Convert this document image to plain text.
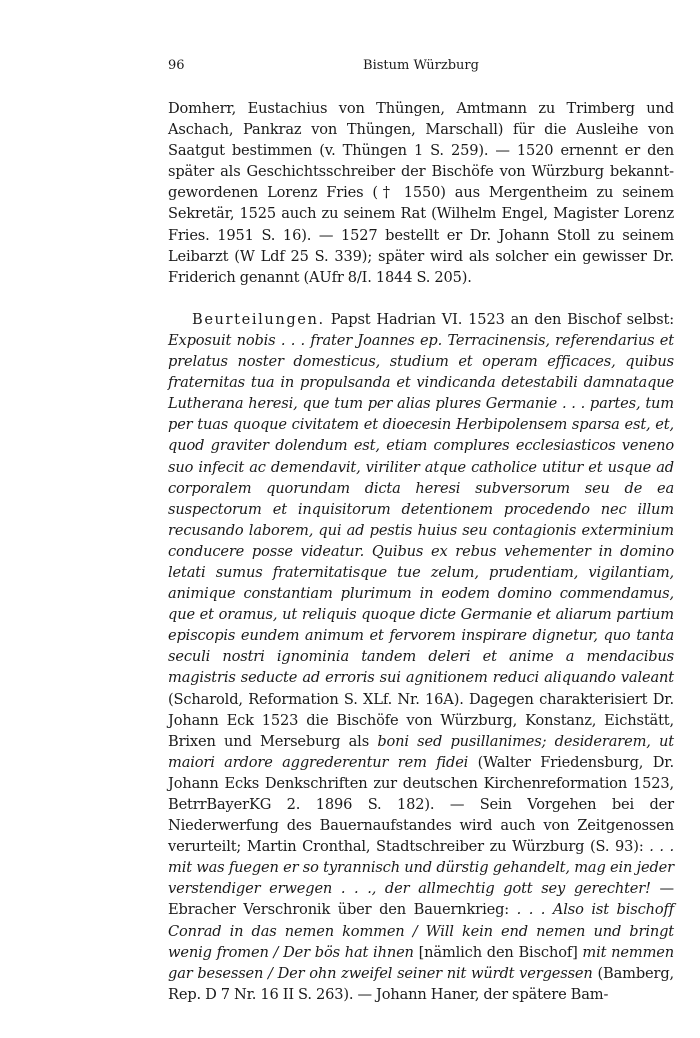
96	Bistum Würzburg

Domherr, Eustachius von Thüngen, Amtmann zu Trimberg und Aschach, Pankraz von Thüngen, Marschall) für die Ausleihe von Saatgut bestimmen (v. Thüngen 1 S. 259). — 1520 ernennt er den später als Geschichtsschreiber der Bischöfe von Würzburg bekanntgewordenen Lorenz Fries († 1550) aus Mergentheim zu seinem Sekretär, 1525 auch zu seinem Rat (Wilhelm Engel, Magister Lorenz Fries. 1951 S. 16). — 1527 bestellt er Dr. Johann Stoll zu seinem Leibarzt (W Ldf 25 S. 339); später wird als solcher ein gewisser Dr. Friderich genannt (AUfr 8/I. 1844 S. 205).

Beurteilungen. Papst Hadrian VI. 1523 an den Bischof selbst: Exposuit nobis . . . frater Joannes ep. Terracinensis, referendarius et prelatus noster domesticus, studium et operam efficaces, quibus fraternitas tua in propulsanda et vindicanda detestabili damnataque Lutherana heresi, que tum per alias plures Germanie . . . partes, tum per tuas quoque civitatem et dioecesin Herbipolensem sparsa est, et, quod graviter dolendum est, etiam complures ecclesiasticos veneno suo infecit ac demendavit, viriliter atque catholice utitur et usque ad corporalem quorundam dicta heresi subversorum seu de ea suspectorum et inquisitorum detentionem procedendo nec illum recusando laborem, qui ad pestis huius seu contagionis exterminium conducere posse videatur. Quibus ex rebus vehementer in domino letati sumus fraternitatisque tue zelum, prudentiam, vigilantiam, animique constantiam plurimum in eodem domino commendamus, que et oramus, ut reliquis quoque dicte Germanie et aliarum partium episcopis eundem animum et fervorem inspirare dignetur, quo tanta seculi nostri ignominia tandem deleri et anime a mendacibus magistris seducte ad erroris sui agnitionem reduci aliquando valeant (Scharold, Reformation S. XLf. Nr. 16A). Dagegen charakterisiert Dr. Johann Eck 1523 die Bischöfe von Würzburg, Konstanz, Eichstätt, Brixen und Merseburg als boni sed pusillanimes; desiderarem, ut maiori ardore aggrederentur rem fidei (Walter Friedensburg, Dr. Johann Ecks Denkschriften zur deutschen Kirchenreformation 1523, BetrrBayerKG 2. 1896 S. 182). — Sein Vorgehen bei der Niederwerfung des Bauernaufstandes wird auch von Zeitgenossen verurteilt; Martin Cronthal, Stadtschreiber zu Würzburg (S. 93): . . . mit was fuegen er so tyrannisch und dürstig gehandelt, mag ein jeder verstendiger erwegen . . ., der allmechtig gott sey gerechter! — Ebracher Verschronik über den Bauernkrieg: . . . Also ist bischoff Conrad in das nemen kommen / Will kein end nemen und bringt wenig fromen / Der bös hat ihnen [nämlich den Bischof] mit nemmen gar besessen / Der ohn zweifel seiner nit würdt vergessen (Bamberg, Rep. D 7 Nr. 16 II S. 263). — Johann Haner, der spätere Bam-
